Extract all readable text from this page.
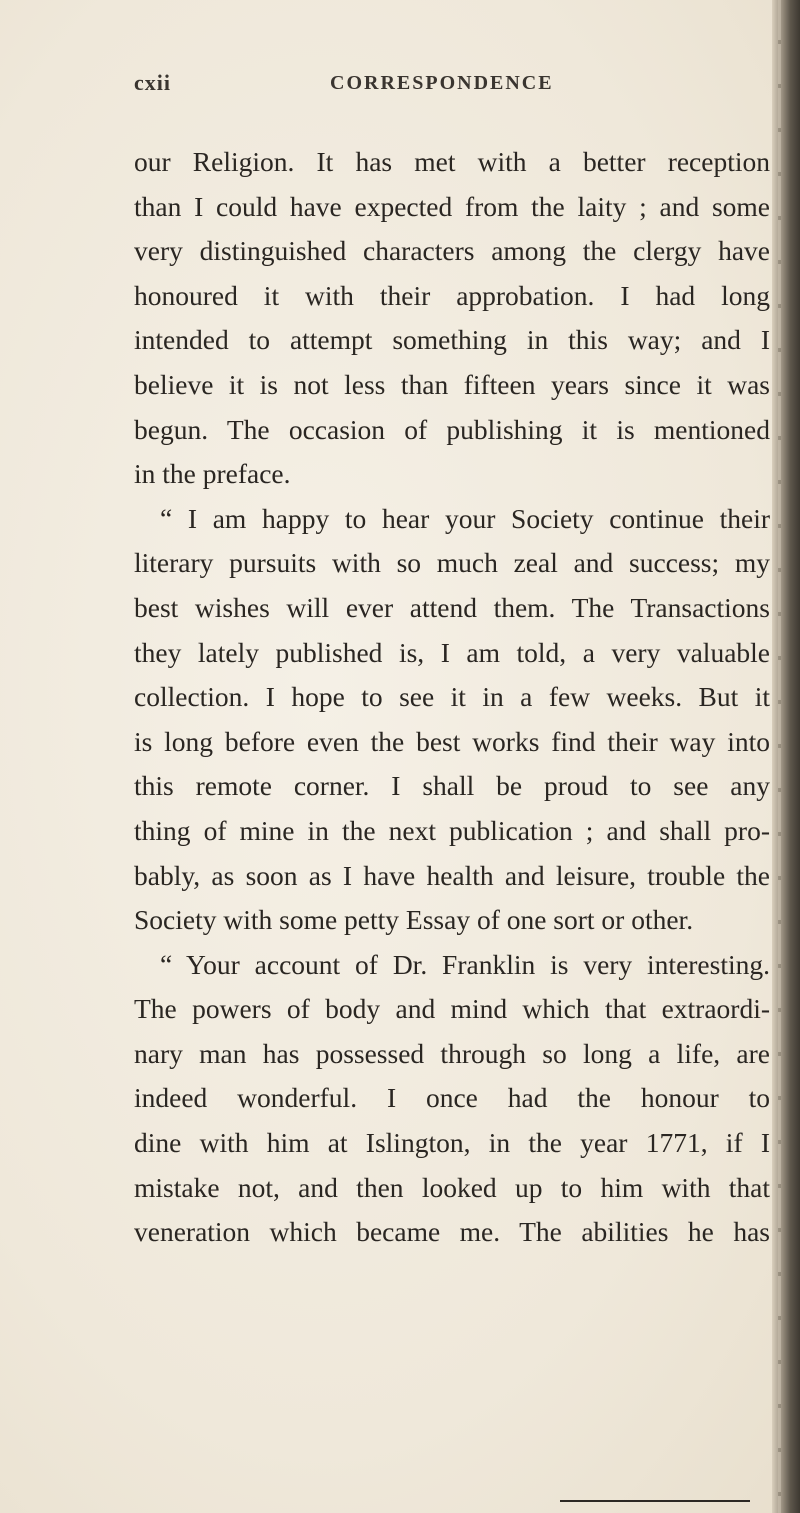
cxii	CORRESPONDENCE
our Religion. It has met with a better reception
than I could have expected from the laity ; and some
very distinguished characters among the clergy have
honoured it with their approbation. I had long
intended to attempt something in this way; and I
believe it is not less than fifteen years since it was
begun. The occasion of publishing it is mentioned
in the preface.
“ I am happy to hear your Society continue their
literary pursuits with so much zeal and success; my
best wishes will ever attend them. The Transactions
they lately published is, I am told, a very valuable
collection. I hope to see it in a few weeks. But it
is long before even the best works find their way into
this remote corner. I shall be proud to see any
thing of mine in the next publication ; and shall pro-
bably, as soon as I have health and leisure, trouble the
Society with some petty Essay of one sort or other.
“ Your account of Dr. Franklin is very interesting.
The powers of body and mind which that extraordi-
nary man has possessed through so long a life, are
indeed wonderful. I once had the honour to
dine with him at Islington, in the year 1771, if I
mistake not, and then looked up to him with that
veneration which became me. The abilities he has
